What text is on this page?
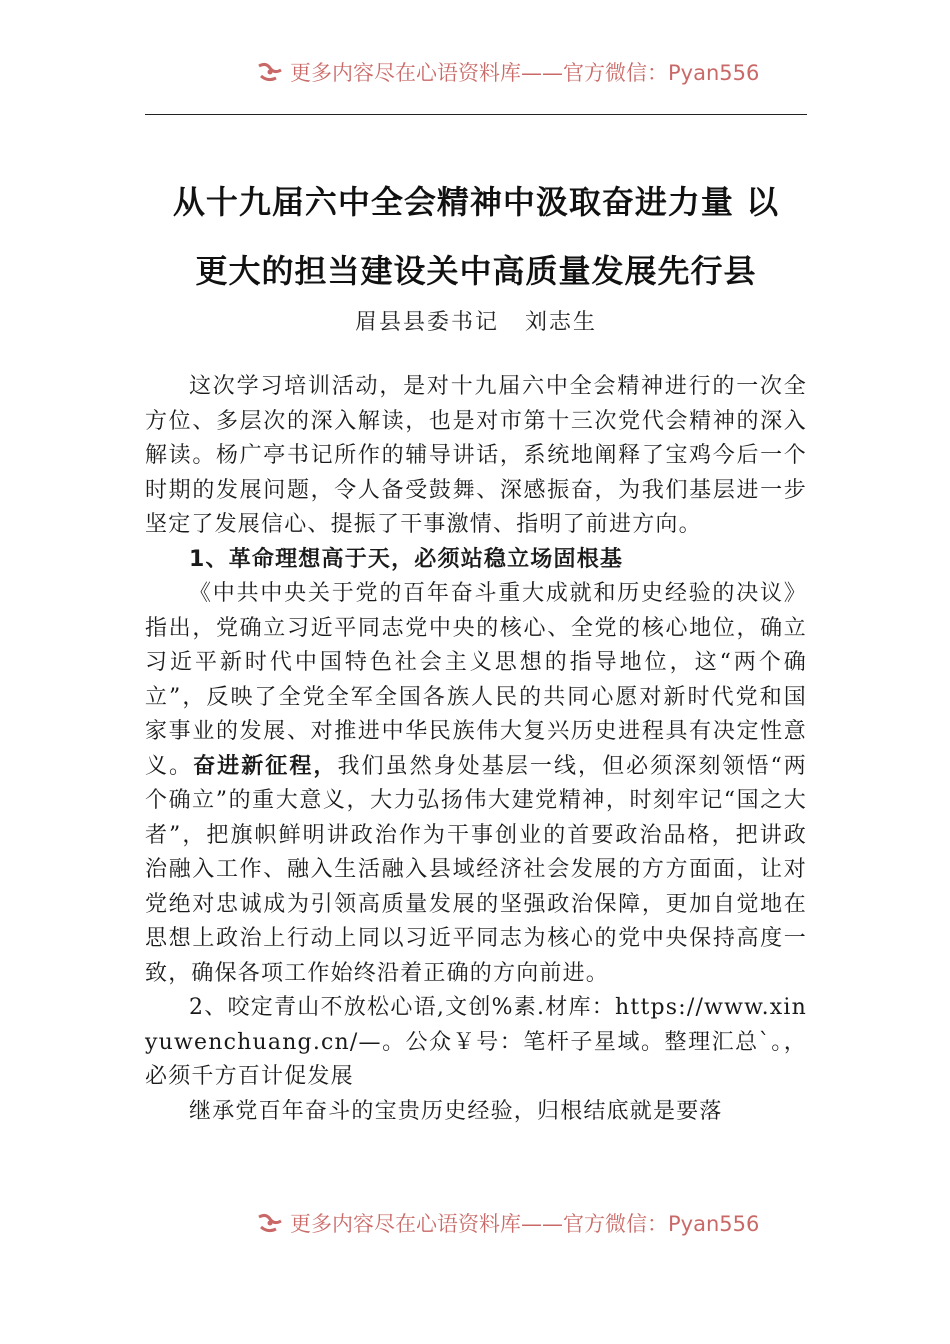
更多内容尽在心语资料库——官方微信：Pyan556
从十九届六中全会精神中汲取奋进力量 以
更大的担当建设关中高质量发展先行县
眉县县委书记 刘志生

这次学习培训活动，是对十九届六中全会精神进行的一次全方位、多层次的深入解读，也是对市第十三次党代会精神的深入解读。杨广亭书记所作的辅导讲话，系统地阐释了宝鸡今后一个时期的发展问题，令人备受鼓舞、深感振奋，为我们基层进一步坚定了发展信心、提振了干事激情、指明了前进方向。

1、革命理想高于天，必须站稳立场固根基

《中共中央关于党的百年奋斗重大成就和历史经验的决议》指出，党确立习近平同志党中央的核心、全党的核心地位，确立习近平新时代中国特色社会主义思想的指导地位，这“两个确立”，反映了全党全军全国各族人民的共同心愿对新时代党和国家事业的发展、对推进中华民族伟大复兴历史进程具有决定性意义。奋进新征程，我们虽然身处基层一线，但必须深刻领悟“两个确立”的重大意义，大力弘扬伟大建党精神，时刻牢记“国之大者”，把旗帜鲜明讲政治作为干事创业的首要政治品格，把讲政治融入工作、融入生活融入县域经济社会发展的方方面面，让对党绝对忠诚成为引领高质量发展的坚强政治保障，更加自觉地在思想上政治上行动上同以习近平同志为核心的党中央保持高度一致，确保各项工作始终沿着正确的方向前进。

2、咬定青山不放松心语,文创%素.材库：https://www.xinyuwenchuang.cn/—。公众￥号：笔杆子星域。整理汇总`。，必须千方百计促发展

继承党百年奋斗的宝贵历史经验，归根结底就是要落

更多内容尽在心语资料库——官方微信：Pyan556
